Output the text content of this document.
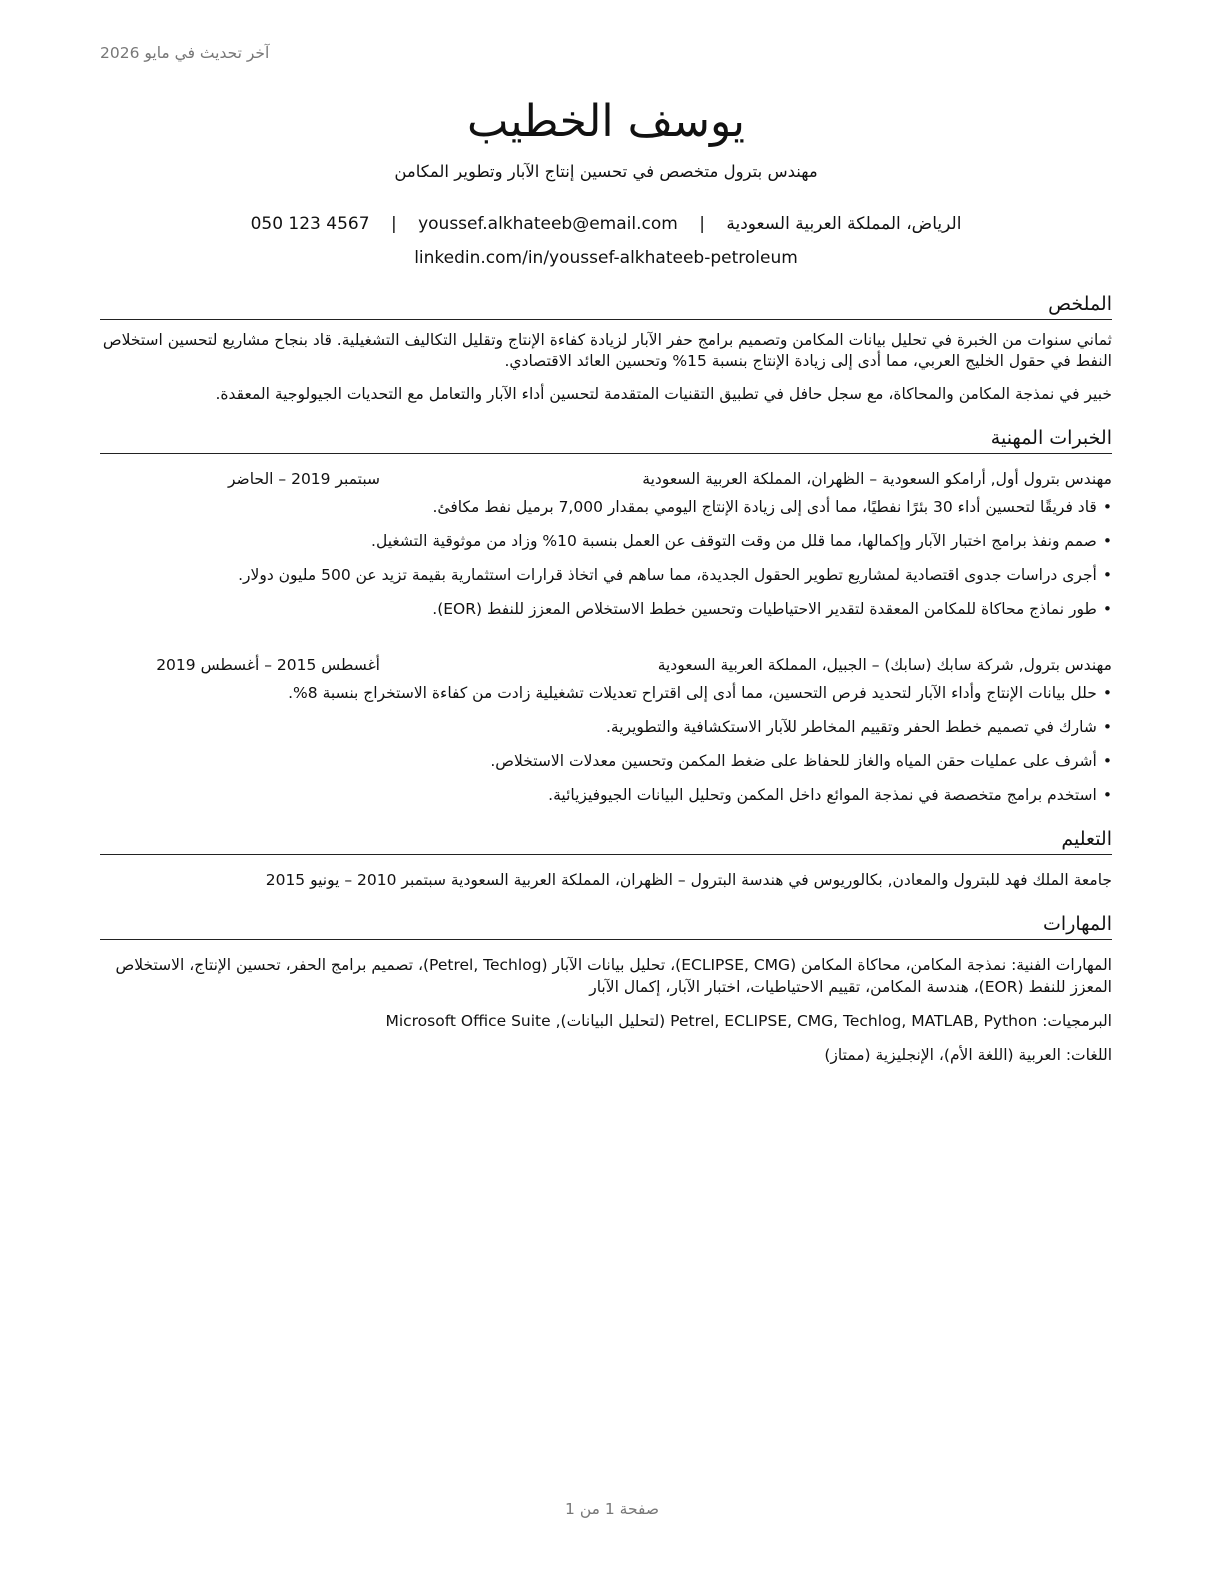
آخر تحديث في مايو 2026
يوسف الخطيب
مهندس بترول متخصص في تحسين إنتاج الآبار وتطوير المكامن
الرياض، المملكة العربية السعودية | youssef.alkhateeb@email.com | 050 123 4567
linkedin.com/in/youssef-alkhateeb-petroleum
الملخص

ثماني سنوات من الخبرة في تحليل بيانات المكامن وتصميم برامج حفر الآبار لزيادة كفاءة الإنتاج وتقليل التكاليف التشغيلية. قاد بنجاح مشاريع لتحسين استخلاص النفط في حقول الخليج العربي، مما أدى إلى زيادة الإنتاج بنسبة 15% وتحسين العائد الاقتصادي.

خبير في نمذجة المكامن والمحاكاة، مع سجل حافل في تطبيق التقنيات المتقدمة لتحسين أداء الآبار والتعامل مع التحديات الجيولوجية المعقدة.

الخبرات المهنية
مهندس بترول أول, أرامكو السعودية – الظهران، المملكة العربية السعودية
سبتمبر 2019 – الحاضر
•قاد فريقًا لتحسين أداء 30 بئرًا نفطيًا، مما أدى إلى زيادة الإنتاج اليومي بمقدار 7,000 برميل نفط مكافئ.
•صمم ونفذ برامج اختبار الآبار وإكمالها، مما قلل من وقت التوقف عن العمل بنسبة 10% وزاد من موثوقية التشغيل.
•أجرى دراسات جدوى اقتصادية لمشاريع تطوير الحقول الجديدة، مما ساهم في اتخاذ قرارات استثمارية بقيمة تزيد عن 500 مليون دولار.
•طور نماذج محاكاة للمكامن المعقدة لتقدير الاحتياطيات وتحسين خطط الاستخلاص المعزز للنفط (EOR).
مهندس بترول, شركة سابك (سابك) – الجبيل، المملكة العربية السعودية
أغسطس 2015 – أغسطس 2019
•حلل بيانات الإنتاج وأداء الآبار لتحديد فرص التحسين، مما أدى إلى اقتراح تعديلات تشغيلية زادت من كفاءة الاستخراج بنسبة 8%.
•شارك في تصميم خطط الحفر وتقييم المخاطر للآبار الاستكشافية والتطويرية.
•أشرف على عمليات حقن المياه والغاز للحفاظ على ضغط المكمن وتحسين معدلات الاستخلاص.
•استخدم برامج متخصصة في نمذجة الموائع داخل المكمن وتحليل البيانات الجيوفيزيائية.
التعليم
جامعة الملك فهد للبترول والمعادن, بكالوريوس في هندسة البترول – الظهران، المملكة العربية السعودية سبتمبر 2010 – يونيو 2015
المهارات
المهارات الفنية: نمذجة المكامن، محاكاة المكامن (ECLIPSE, CMG)، تحليل بيانات الآبار (Petrel, Techlog)، تصميم برامج الحفر، تحسين الإنتاج، الاستخلاص المعزز للنفط (EOR)، هندسة المكامن، تقييم الاحتياطيات، اختبار الآبار، إكمال الآبار
البرمجيات: Petrel, ECLIPSE, CMG, Techlog, MATLAB, Python (لتحليل البيانات), Microsoft Office Suite
اللغات: العربية (اللغة الأم)، الإنجليزية (ممتاز)
صفحة 1 من 1
